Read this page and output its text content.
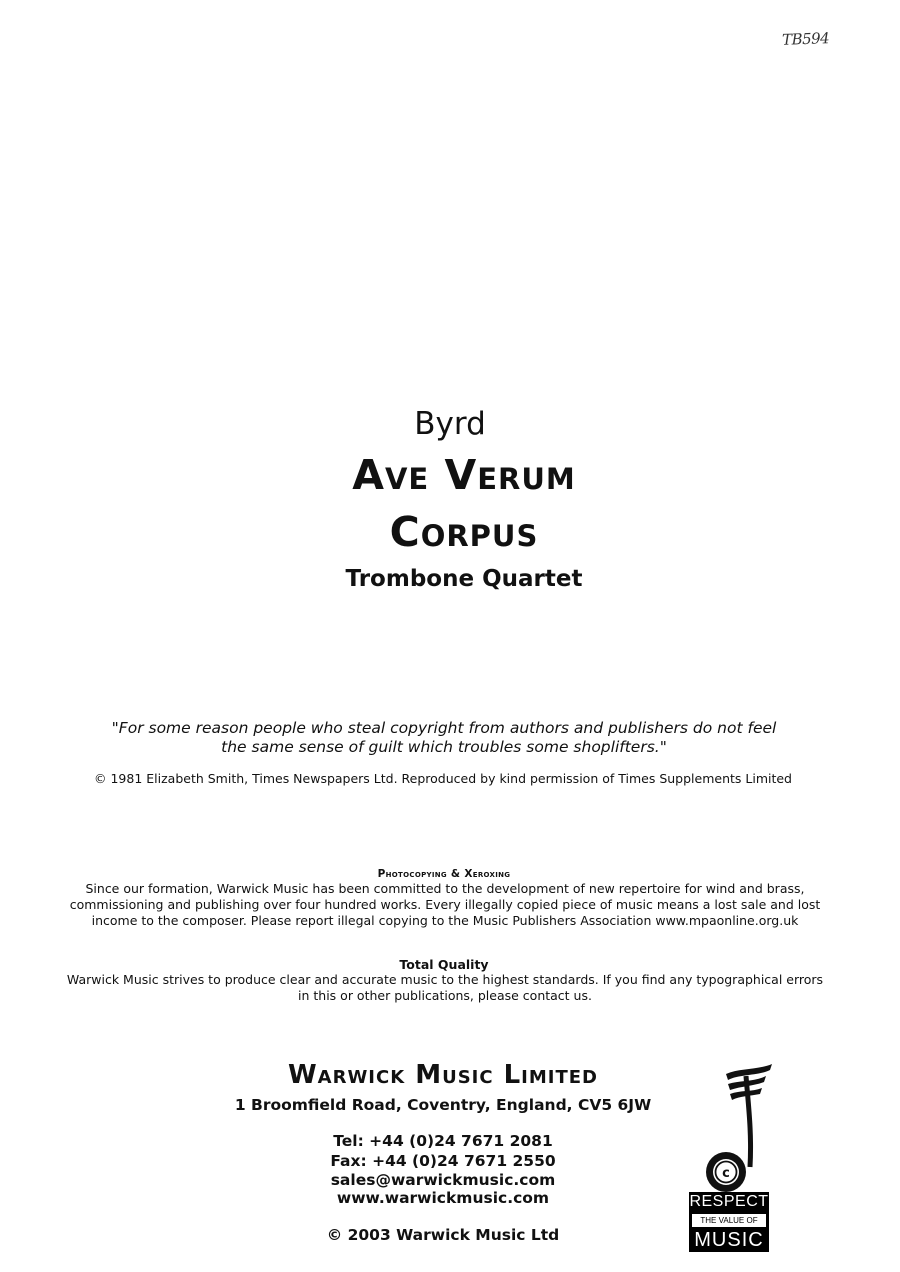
TB594
Byrd
Ave Verum
Corpus
Trombone Quartet
"For some reason people who steal copyright from authors and publishers do not feel
the same sense of guilt which troubles some shoplifters."
© 1981 Elizabeth Smith, Times Newspapers Ltd. Reproduced by kind permission of Times Supplements Limited
Photocopying & Xeroxing
Since our formation, Warwick Music has been committed to the development of new repertoire for wind and brass, commissioning and publishing over four hundred works. Every illegally copied piece of music means a lost sale and lost income to the composer. Please report illegal copying to the Music Publishers Association www.mpaonline.org.uk
Total Quality
Warwick Music strives to produce clear and accurate music to the highest standards. If you find any typographical errors in this or other publications, please contact us.
Warwick Music Limited
1 Broomfield Road, Coventry, England, CV5 6JW
Tel: +44 (0)24 7671 2081
Fax: +44 (0)24 7671 2550
sales@warwickmusic.com
www.warwickmusic.com
© 2003 Warwick Music Ltd
c
RESPECT
THE VALUE OF
MUSIC
